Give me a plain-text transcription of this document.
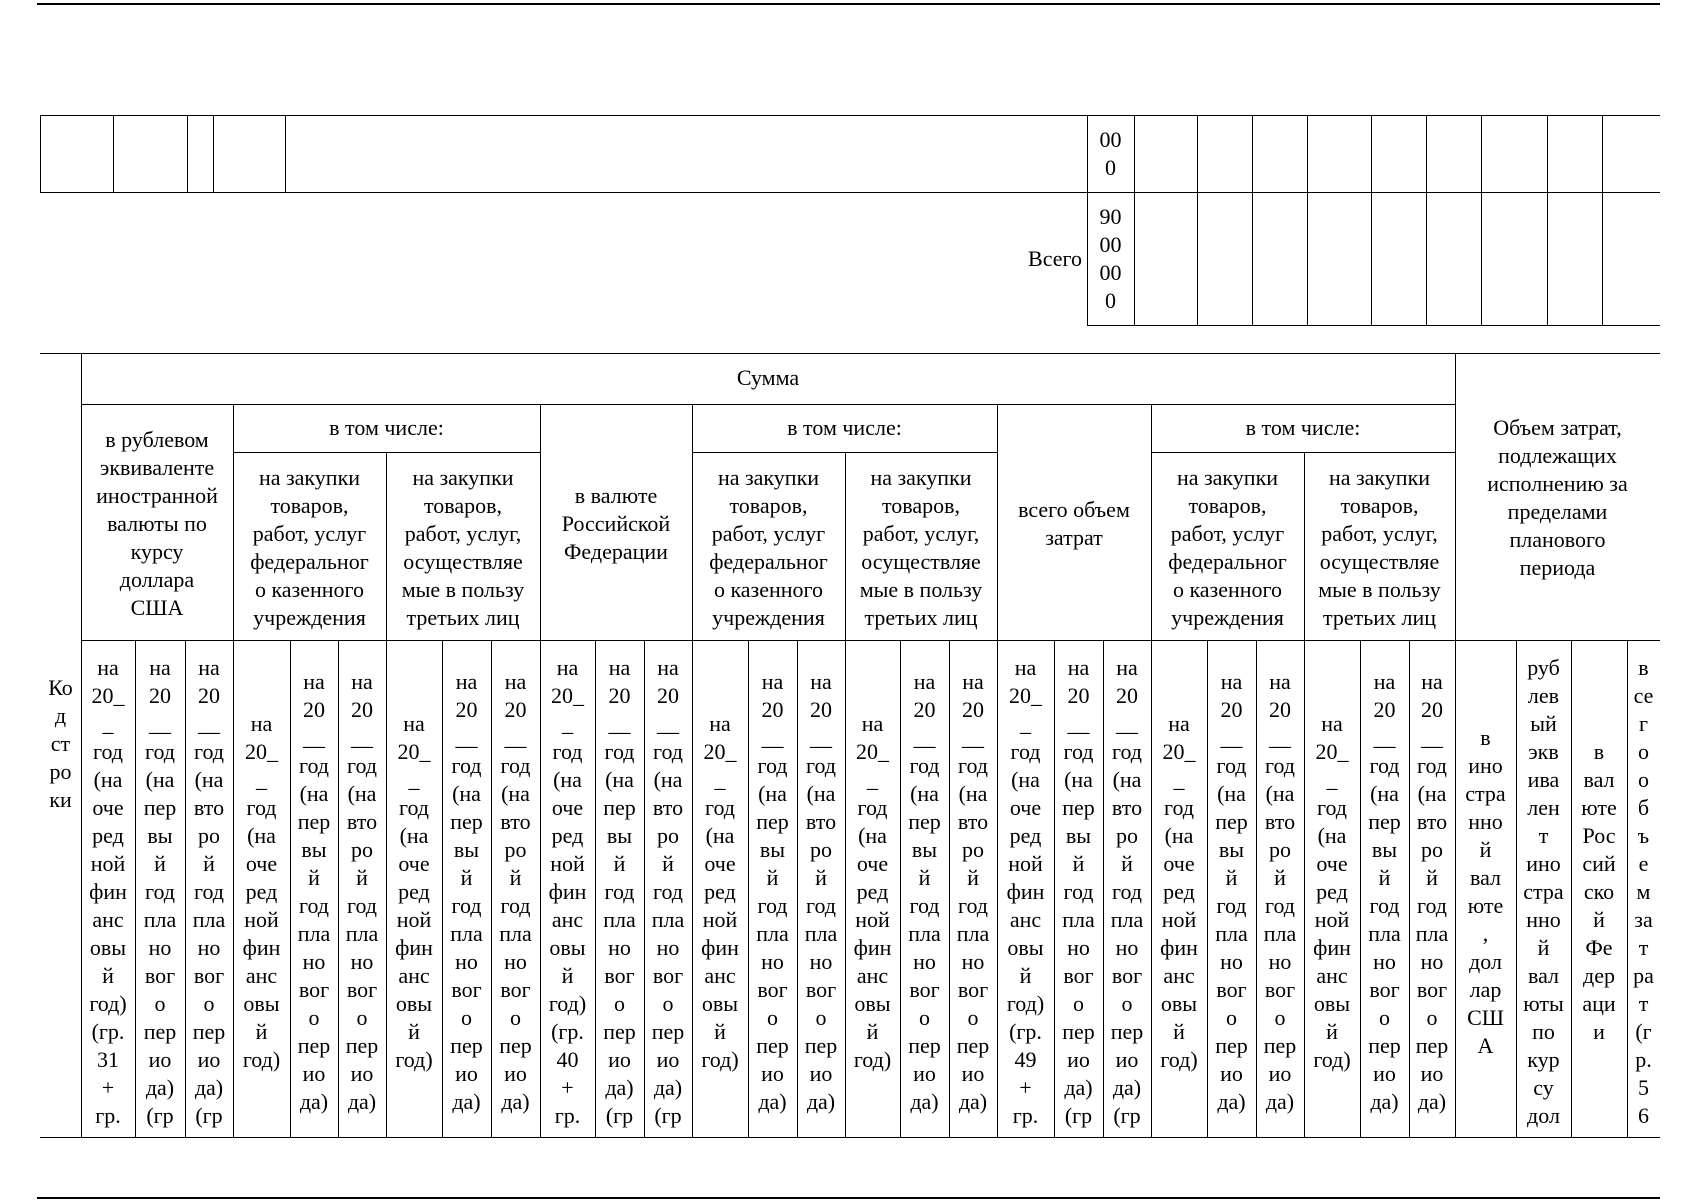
00
0
Всего
90
00
00
0
Ко
д
ст
ро
ки
Сумма
в рублевом
эквиваленте
иностранной
валюты по
курсу
доллара
США
в том числе:
на закупки
товаров,
работ, услуг
федеральног
о казенного
учреждения
на закупки
товаров,
работ, услуг,
осуществляе
мые в пользу
третьих лиц
в валюте
Российской
Федерации
в том числе:
на закупки
товаров,
работ, услуг
федеральног
о казенного
учреждения
на закупки
товаров,
работ, услуг,
осуществляе
мые в пользу
третьих лиц
всего объем
затрат
в том числе:
на закупки
товаров,
работ, услуг
федеральног
о казенного
учреждения
на закупки
товаров,
работ, услуг,
осуществляе
мые в пользу
третьих лиц
Объем затрат,
подлежащих
исполнению за
пределами
планового
периода
на
20_
_
год
(на
оче
ред
ной
фин
анс
овы
й
год)
(гр.
31
+
гр.
на
20
__
год
(на
пер
вы
й
год
пла
но
вог
о
пер
ио
да)
(гр
на
20
__
год
(на
вто
ро
й
год
пла
но
вог
о
пер
ио
да)
(гр
на
20_
_
год
(на
оче
ред
ной
фин
анс
овы
й
год)
на
20
__
год
(на
пер
вы
й
год
пла
но
вог
о
пер
ио
да)
на
20
__
год
(на
вто
ро
й
год
пла
но
вог
о
пер
ио
да)
на
20_
_
год
(на
оче
ред
ной
фин
анс
овы
й
год)
на
20
__
год
(на
пер
вы
й
год
пла
но
вог
о
пер
ио
да)
на
20
__
год
(на
вто
ро
й
год
пла
но
вог
о
пер
ио
да)
на
20_
_
год
(на
оче
ред
ной
фин
анс
овы
й
год)
(гр.
40
+
гр.
на
20
__
год
(на
пер
вы
й
год
пла
но
вог
о
пер
ио
да)
(гр
на
20
__
год
(на
вто
ро
й
год
пла
но
вог
о
пер
ио
да)
(гр
на
20_
_
год
(на
оче
ред
ной
фин
анс
овы
й
год)
на
20
__
год
(на
пер
вы
й
год
пла
но
вог
о
пер
ио
да)
на
20
__
год
(на
вто
ро
й
год
пла
но
вог
о
пер
ио
да)
на
20_
_
год
(на
оче
ред
ной
фин
анс
овы
й
год)
на
20
__
год
(на
пер
вы
й
год
пла
но
вог
о
пер
ио
да)
на
20
__
год
(на
вто
ро
й
год
пла
но
вог
о
пер
ио
да)
на
20_
_
год
(на
оче
ред
ной
фин
анс
овы
й
год)
(гр.
49
+
гр.
на
20
__
год
(на
пер
вы
й
год
пла
но
вог
о
пер
ио
да)
(гр
на
20
__
год
(на
вто
ро
й
год
пла
но
вог
о
пер
ио
да)
(гр
на
20_
_
год
(на
оче
ред
ной
фин
анс
овы
й
год)
на
20
__
год
(на
пер
вы
й
год
пла
но
вог
о
пер
ио
да)
на
20
__
год
(на
вто
ро
й
год
пла
но
вог
о
пер
ио
да)
на
20_
_
год
(на
оче
ред
ной
фин
анс
овы
й
год)
на
20
__
год
(на
пер
вы
й
год
пла
но
вог
о
пер
ио
да)
на
20
__
год
(на
вто
ро
й
год
пла
но
вог
о
пер
ио
да)
в
ино
стра
нно
й
вал
юте
,
дол
лар
СШ
А
руб
лев
ый
экв
ива
лен
т
ино
стра
нно
й
вал
юты
по
кур
су
дол
в
вал
юте
Рос
сий
ско
й
Фе
дер
аци
и
в
се
г
о
о
б
ъ
е
м
за
т
ра
т
(г
р.
5
6
